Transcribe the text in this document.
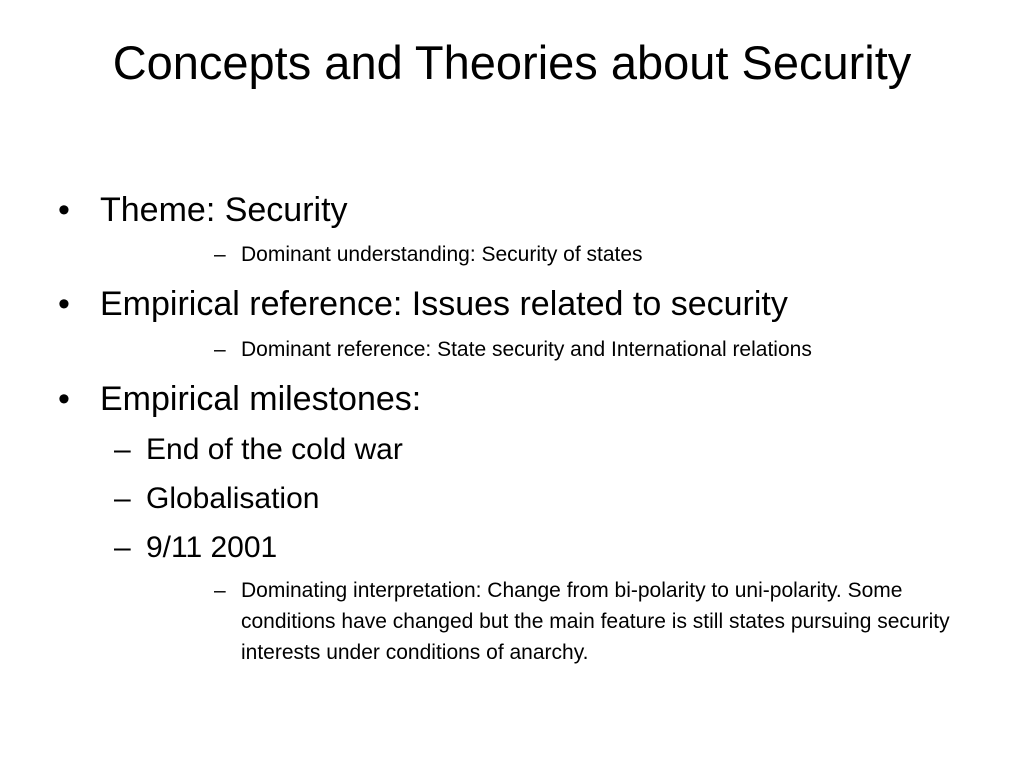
Concepts and Theories about Security
• Theme: Security
– Dominant understanding: Security of states
• Empirical reference: Issues related to security
– Dominant reference: State security and International relations
• Empirical milestones:
– End of the cold war
– Globalisation
– 9/11 2001
– Dominating interpretation: Change from bi-polarity to uni-polarity. Some conditions have changed but the main feature is still states pursuing security interests under conditions of anarchy.
